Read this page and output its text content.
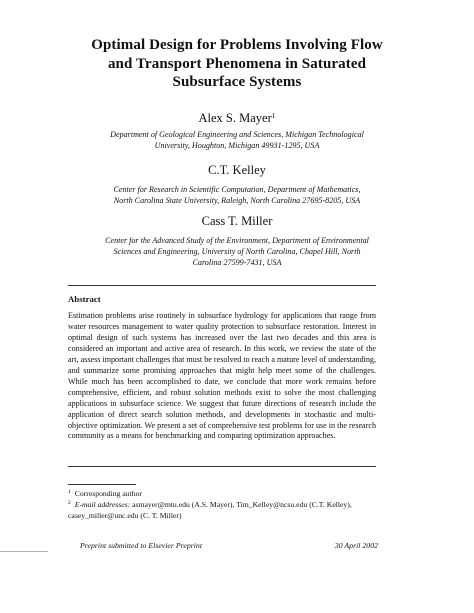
Optimal Design for Problems Involving Flow
and Transport Phenomena in Saturated
Subsurface Systems
Alex S. Mayer$^1$
Department of Geological Engineering and Sciences, Michigan Technological
University, Houghton, Michigan 49931-1295, USA
C.T. Kelley
Center for Research in Scientific Computation, Department of Mathematics,
North Carolina State University, Raleigh, North Carolina 27695-8205, USA
Cass T. Miller
Center for the Advanced Study of the Environment, Department of Environmental
Sciences and Engineering, University of North Carolina, Chapel Hill, North
Carolina 27599-7431, USA
Abstract
Estimation problems arise routinely in subsurface hydrology for applications that range from water resources management to water quality protection to subsurface restoration. Interest in optimal design of such systems has increased over the last two decades and this area is considered an important and active area of research. In this work, we review the state of the art, assess important challenges that must be resolved to reach a mature level of understanding, and summarize some promising approaches that might help meet some of the challenges. While much has been accomplished to date, we conclude that more work remains before comprehensive, efficient, and robust solution methods exist to solve the most challenging applications in subsurface science. We suggest that future directions of research include the application of direct search solution methods, and developments in stochastic and multi-objective optimization. We present a set of comprehensive test problems for use in the research community as a means for benchmarking and comparing optimization approaches.
$^1$ Corresponding author
$^2$ E-mail addresses: asmayer@mtu.edu (A.S. Mayer), Tim_Kelley@ncsu.edu (C.T. Kelley), casey_miller@unc.edu (C. T. Miller)
Preprint submitted to Elsevier Preprint	30 April 2002
